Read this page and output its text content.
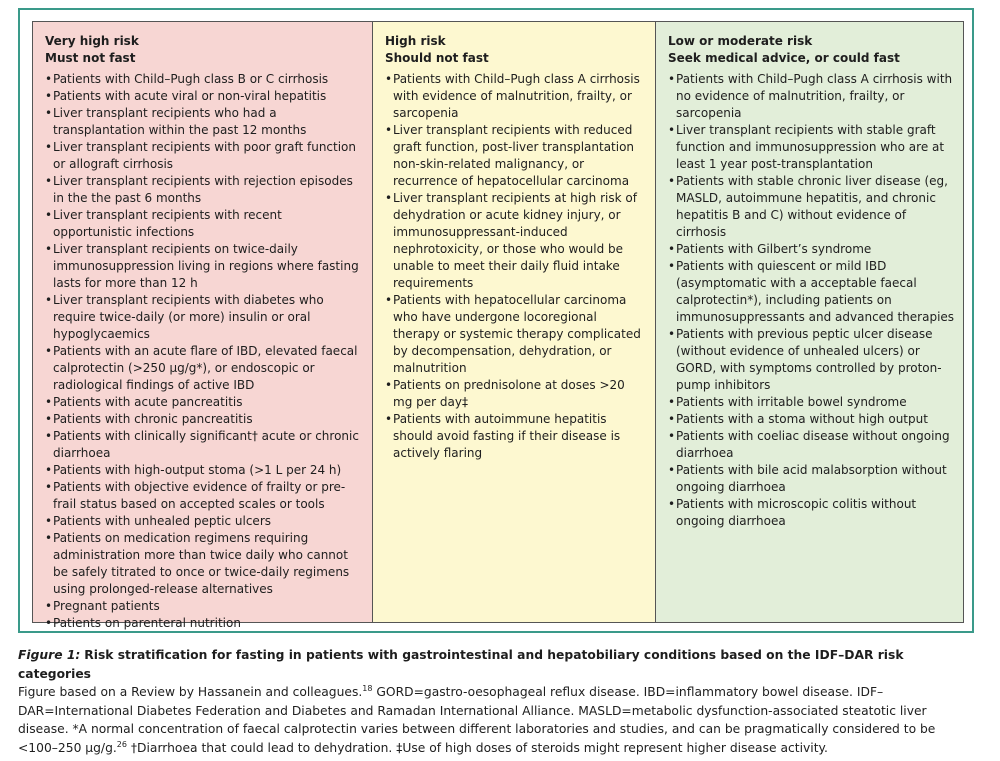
Very high risk
Must not fast
• Patients with Child–Pugh class B or C cirrhosis
• Patients with acute viral or non-viral hepatitis
• Liver transplant recipients who had a transplantation within the past 12 months
• Liver transplant recipients with poor graft function or allograft cirrhosis
• Liver transplant recipients with rejection episodes in the the past 6 months
• Liver transplant recipients with recent opportunistic infections
• Liver transplant recipients on twice-daily immunosuppression living in regions where fasting lasts for more than 12 h
• Liver transplant recipients with diabetes who require twice-daily (or more) insulin or oral hypoglycaemics
• Patients with an acute flare of IBD, elevated faecal calprotectin (>250 µg/g*), or endoscopic or radiological findings of active IBD
• Patients with acute pancreatitis
• Patients with chronic pancreatitis
• Patients with clinically significant† acute or chronic diarrhoea
• Patients with high-output stoma (>1 L per 24 h)
• Patients with objective evidence of frailty or pre-frail status based on accepted scales or tools
• Patients with unhealed peptic ulcers
• Patients on medication regimens requiring administration more than twice daily who cannot be safely titrated to once or twice-daily regimens using prolonged-release alternatives
• Pregnant patients
• Patients on parenteral nutrition
High risk
Should not fast
• Patients with Child–Pugh class A cirrhosis with evidence of malnutrition, frailty, or sarcopenia
• Liver transplant recipients with reduced graft function, post-liver transplantation non-skin-related malignancy, or recurrence of hepatocellular carcinoma
• Liver transplant recipients at high risk of dehydration or acute kidney injury, or immunosuppressant-induced nephrotoxicity, or those who would be unable to meet their daily fluid intake requirements
• Patients with hepatocellular carcinoma who have undergone locoregional therapy or systemic therapy complicated by decompensation, dehydration, or malnutrition
• Patients on prednisolone at doses >20 mg per day‡
• Patients with autoimmune hepatitis should avoid fasting if their disease is actively flaring
Low or moderate risk
Seek medical advice, or could fast
• Patients with Child–Pugh class A cirrhosis with no evidence of malnutrition, frailty, or sarcopenia
• Liver transplant recipients with stable graft function and immunosuppression who are at least 1 year post-transplantation
• Patients with stable chronic liver disease (eg, MASLD, autoimmune hepatitis, and chronic hepatitis B and C) without evidence of cirrhosis
• Patients with Gilbert’s syndrome
• Patients with quiescent or mild IBD (asymptomatic with a acceptable faecal calprotectin*), including patients on immunosuppressants and advanced therapies
• Patients with previous peptic ulcer disease (without evidence of unhealed ulcers) or GORD, with symptoms controlled by proton-pump inhibitors
• Patients with irritable bowel syndrome
• Patients with a stoma without high output
• Patients with coeliac disease without ongoing diarrhoea
• Patients with bile acid malabsorption without ongoing diarrhoea
• Patients with microscopic colitis without ongoing diarrhoea
Figure 1: Risk stratification for fasting in patients with gastrointestinal and hepatobiliary conditions based on the IDF–DAR risk categories
Figure based on a Review by Hassanein and colleagues.$^{18}$ GORD=gastro-oesophageal reflux disease. IBD=inflammatory bowel disease. IDF–DAR=International Diabetes Federation and Diabetes and Ramadan International Alliance. MASLD=metabolic dysfunction-associated steatotic liver disease. *A normal concentration of faecal calprotectin varies between different laboratories and studies, and can be pragmatically considered to be <100–250 µg/g.$^{26}$ †Diarrhoea that could lead to dehydration. ‡Use of high doses of steroids might represent higher disease activity.
